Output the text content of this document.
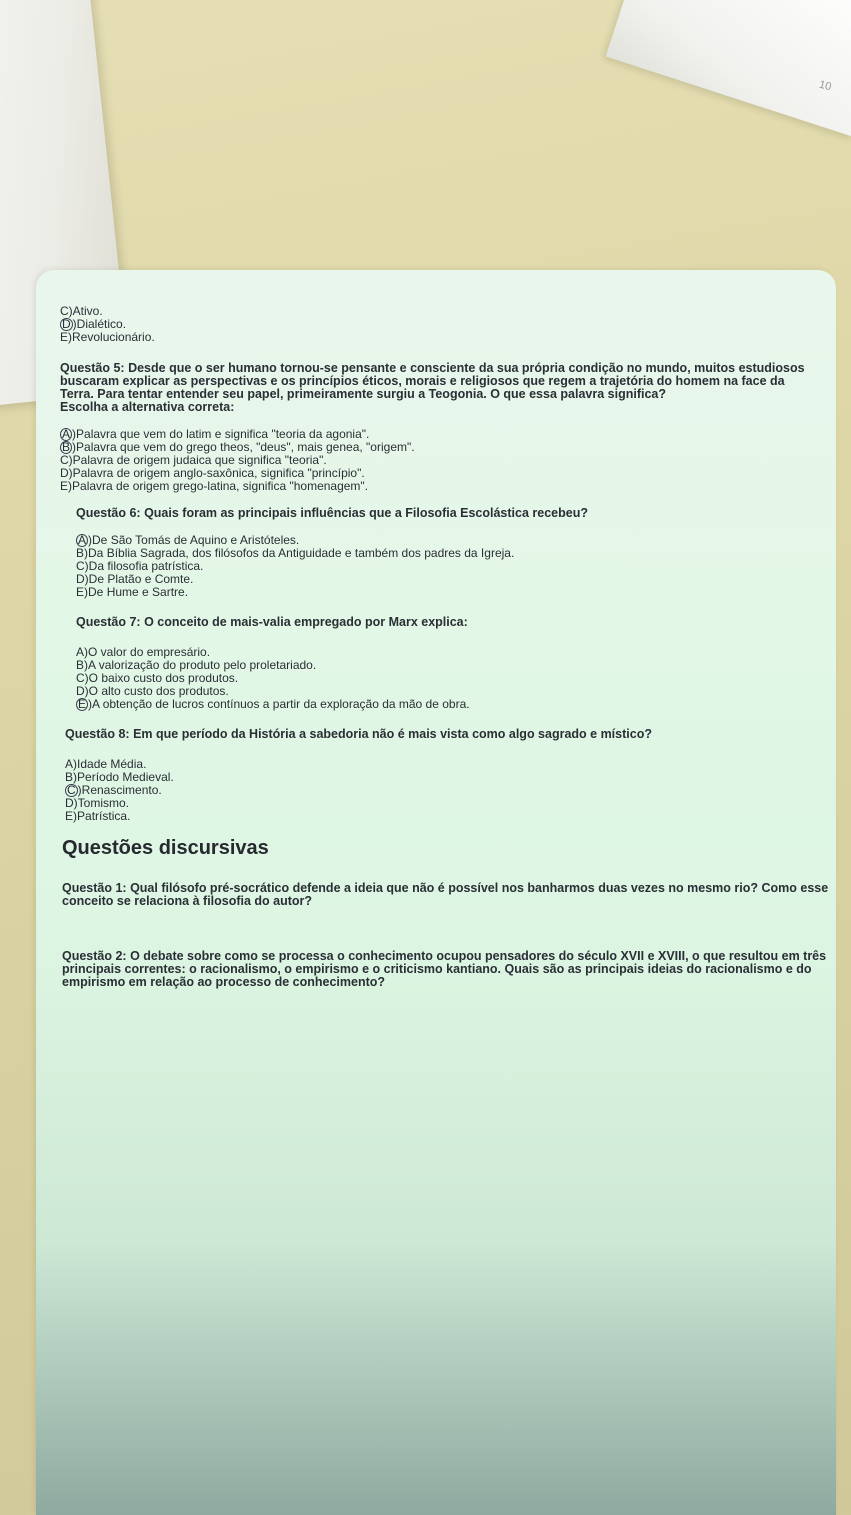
10

C)Ativo.

D )Dialético.

E)Revolucionário.

Questão 5: Desde que o ser humano tornou-se pensante e consciente da sua própria condição no mundo, muitos estudiosos buscaram explicar as perspectivas e os princípios éticos, morais e religiosos que regem a trajetória do homem na face da Terra. Para tentar entender seu papel, primeiramente surgiu a Teogonia. O que essa palavra significa?

Escolha a alternativa correta:

A )Palavra que vem do latim e significa "teoria da agonia".

B )Palavra que vem do grego theos, "deus", mais genea, "origem".

C)Palavra de origem judaica que significa "teoria".

D)Palavra de origem anglo-saxônica, significa "princípio".

E)Palavra de origem grego-latina, significa "homenagem".

Questão 6: Quais foram as principais influências que a Filosofia Escolástica recebeu?

A )De São Tomás de Aquino e Aristóteles.

B)Da Bíblia Sagrada, dos filósofos da Antiguidade e também dos padres da Igreja.

C)Da filosofia patrística.

D)De Platão e Comte.

E)De Hume e Sartre.

Questão 7: O conceito de mais-valia empregado por Marx explica:

A)O valor do empresário.

B)A valorização do produto pelo proletariado.

C)O baixo custo dos produtos.

D)O alto custo dos produtos.

E )A obtenção de lucros contínuos a partir da exploração da mão de obra.

Questão 8: Em que período da História a sabedoria não é mais vista como algo sagrado e místico?

A)Idade Média.

B)Período Medieval.

C )Renascimento.

D)Tomismo.

E)Patrística.

Questões discursivas

Questão 1: Qual filósofo pré-socrático defende a ideia que não é possível nos banharmos duas vezes no mesmo rio? Como esse conceito se relaciona à filosofia do autor?

Questão 2: O debate sobre como se processa o conhecimento ocupou pensadores do século XVII e XVIII, o que resultou em três principais correntes: o racionalismo, o empirismo e o criticismo kantiano. Quais são as principais ideias do racionalismo e do empirismo em relação ao processo de conhecimento?
